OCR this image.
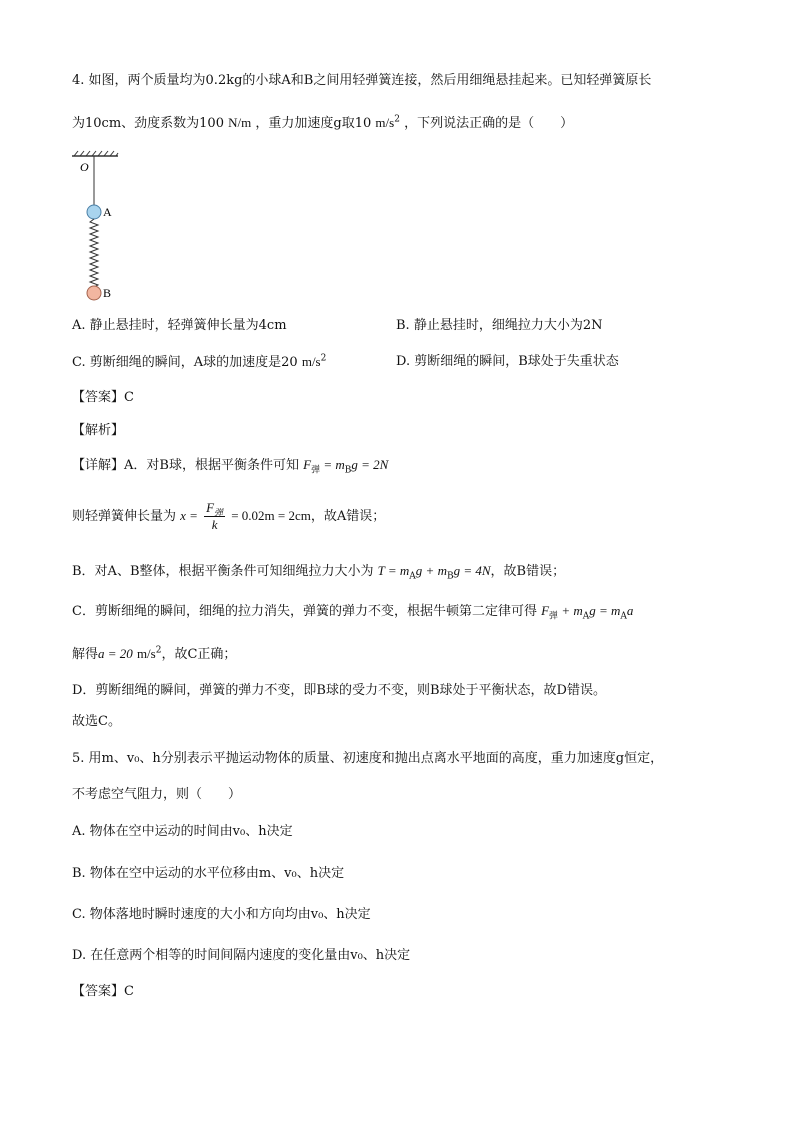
4. 如图，两个质量均为0.2kg的小球A和B之间用轻弹簧连接，然后用细绳悬挂起来。已知轻弹簧原长
为10cm、劲度系数为100 N/m ，重力加速度g取10 $m/s^2$ ，下列说法正确的是（　　）
O
A
B
A. 静止悬挂时，轻弹簧伸长量为4cm	B. 静止悬挂时，细绳拉力大小为2N
C. 剪断细绳的瞬间，A球的加速度是20 $m/s^2$	D. 剪断细绳的瞬间，B球处于失重状态
【答案】C
【解析】
【详解】A．对B球，根据平衡条件可知 $F_弹 = m_Bg = 2N$
则轻弹簧伸长量为 $x = \frac{F_弹}{k} = 0.02m = 2cm$，故A错误；
B．对A、B整体，根据平衡条件可知细绳拉力大小为 $T = m_Ag + m_Bg = 4N$，故B错误；
C．剪断细绳的瞬间，细绳的拉力消失，弹簧的弹力不变，根据牛顿第二定律可得 $F_弹 + m_Ag = m_Aa$
解得a = 20 $m/s^2$，故C正确；
D．剪断细绳的瞬间，弹簧的弹力不变，即B球的受力不变，则B球处于平衡状态，故D错误。
故选C。
5. 用m、v₀、h分别表示平抛运动物体的质量、初速度和抛出点离水平地面的高度，重力加速度g恒定，
不考虑空气阻力，则（　　）
A. 物体在空中运动的时间由v₀、h决定
B. 物体在空中运动的水平位移由m、v₀、h决定
C. 物体落地时瞬时速度的大小和方向均由v₀、h决定
D. 在任意两个相等的时间间隔内速度的变化量由v₀、h决定
【答案】C
